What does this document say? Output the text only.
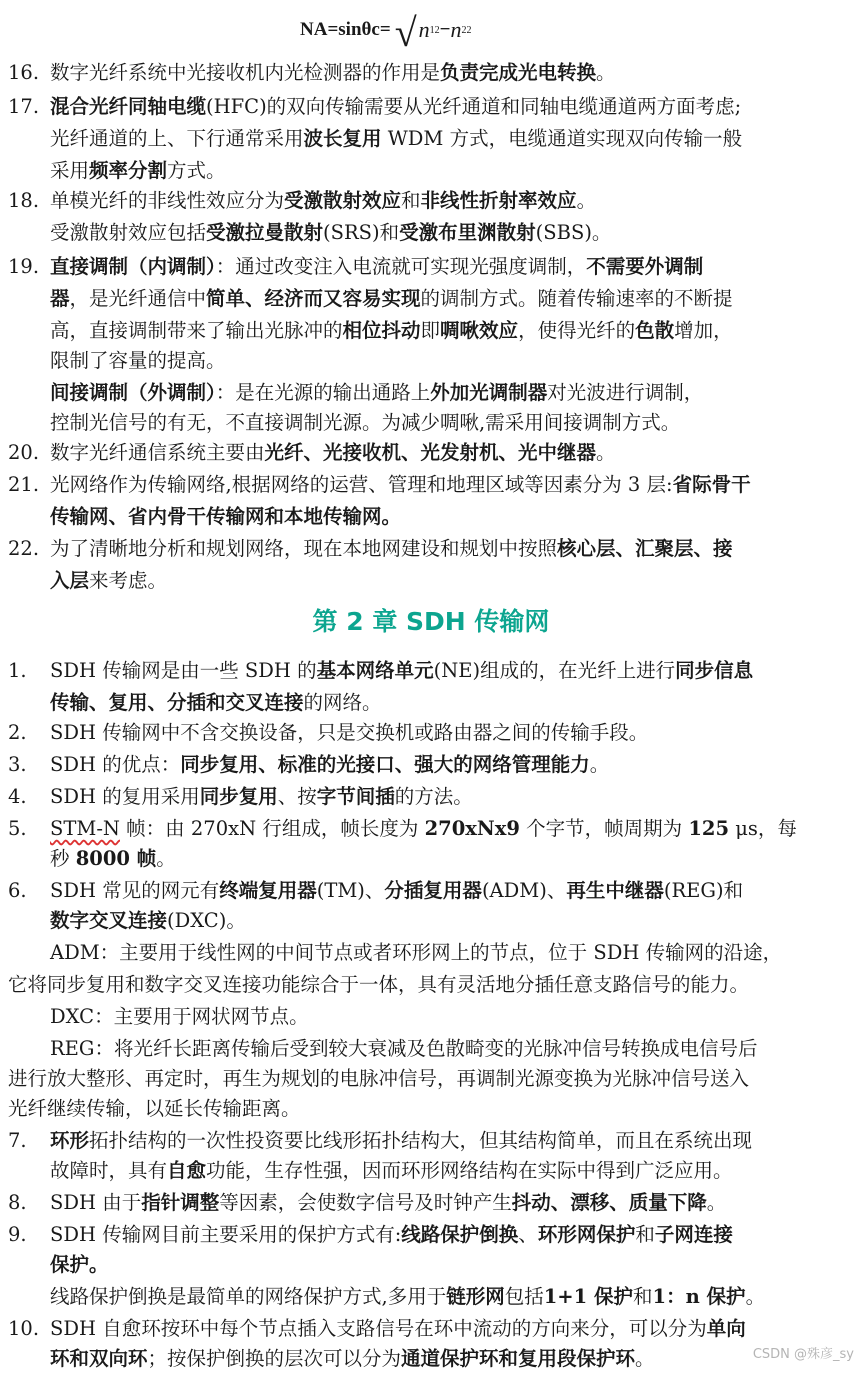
NA=sinθc= √ n 1 2 − n 2 2
16. 数字光纤系统中光接收机内光检测器的作用是负责完成光电转换。
17. 混合光纤同轴电缆(HFC)的双向传输需要从光纤通道和同轴电缆通道两方面考虑;
光纤通道的上、下行通常采用波长复用 WDM 方式，电缆通道实现双向传输一般
采用频率分割方式。
18. 单模光纤的非线性效应分为受激散射效应和非线性折射率效应。
受激散射效应包括受激拉曼散射(SRS)和受激布里渊散射(SBS)。
19. 直接调制（内调制）：通过改变注入电流就可实现光强度调制，不需要外调制
器，是光纤通信中简单、经济而又容易实现的调制方式。随着传输速率的不断提
高，直接调制带来了输出光脉冲的相位抖动即啁啾效应，使得光纤的色散增加，
限制了容量的提高。
间接调制（外调制）：是在光源的输出通路上外加光调制器对光波进行调制，
控制光信号的有无，不直接调制光源。为减少啁啾,需采用间接调制方式。
20. 数字光纤通信系统主要由光纤、光接收机、光发射机、光中继器。
21. 光网络作为传输网络,根据网络的运营、管理和地理区域等因素分为 3 层:省际骨干
传输网、省内骨干传输网和本地传输网。
22. 为了清晰地分析和规划网络，现在本地网建设和规划中按照核心层、汇聚层、接
入层来考虑。
1.	SDH 传输网是由一些 SDH 的基本网络单元(NE)组成的，在光纤上进行同步信息
传输、复用、分插和交叉连接的网络。
2.	SDH 传输网中不含交换设备，只是交换机或路由器之间的传输手段。
3.	SDH 的优点：同步复用、标准的光接口、强大的网络管理能力。
4.	SDH 的复用采用同步复用、按字节间插的方法。
5.	STM-N 帧：由 270xN 行组成，帧长度为 270xNx9 个字节，帧周期为 125 μs，每
秒 8000 帧。
6.	SDH 常见的网元有终端复用器(TM)、分插复用器(ADM)、再生中继器(REG)和
数字交叉连接(DXC)。
ADM：主要用于线性网的中间节点或者环形网上的节点，位于 SDH 传输网的沿途，
它将同步复用和数字交叉连接功能综合于一体，具有灵活地分插任意支路信号的能力。
DXC：主要用于网状网节点。
REG：将光纤长距离传输后受到较大衰减及色散畸变的光脉冲信号转换成电信号后
进行放大整形、再定时，再生为规划的电脉冲信号，再调制光源变换为光脉冲信号送入
光纤继续传输，以延长传输距离。
7.	环形拓扑结构的一次性投资要比线形拓扑结构大，但其结构简单，而且在系统出现
故障时，具有自愈功能，生存性强，因而环形网络结构在实际中得到广泛应用。
8.	SDH 由于指针调整等因素，会使数字信号及时钟产生抖动、漂移、质量下降。
9.	SDH 传输网目前主要采用的保护方式有:线路保护倒换、环形网保护和子网连接
保护。
线路保护倒换是最简单的网络保护方式,多用于链形网包括1+1 保护和1：n 保护。
10. SDH 自愈环按环中每个节点插入支路信号在环中流动的方向来分，可以分为单向
环和双向环；按保护倒换的层次可以分为通道保护环和复用段保护环。
第 2 章 SDH 传输网
CSDN @殊彦_sy
